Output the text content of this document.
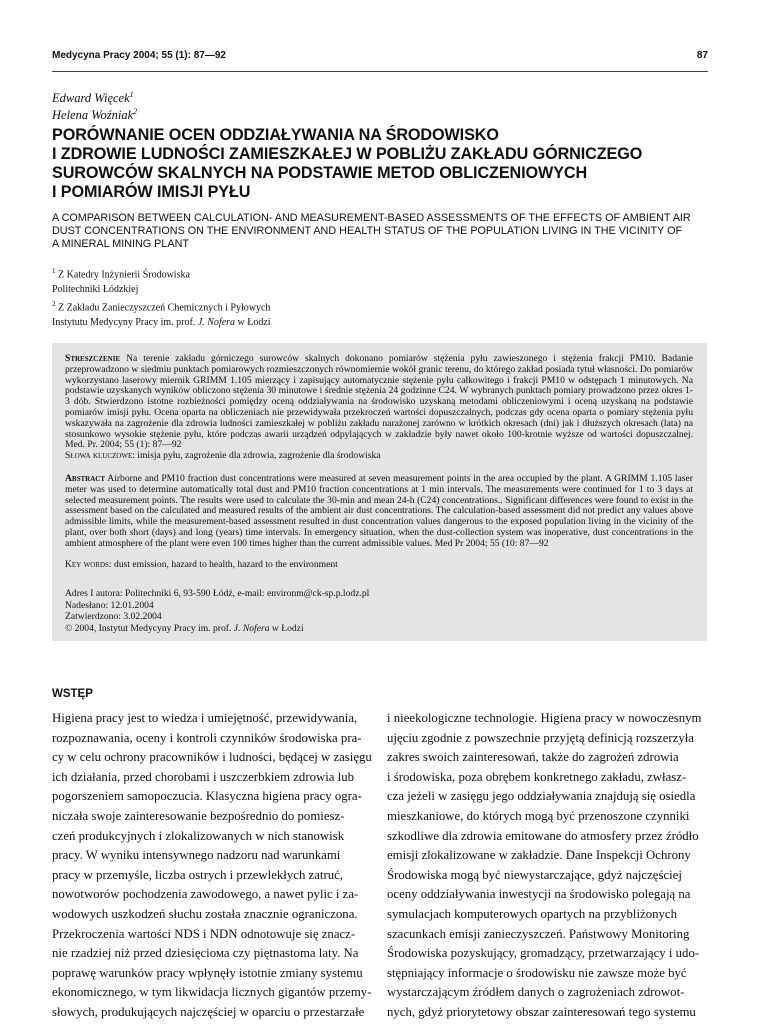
Medycyna Pracy 2004; 55 (1): 87—92	87
Edward Więcek$^1$
Helena Woźniak$^2$
PORÓWNANIE OCEN ODDZIAŁYWANIA NA ŚRODOWISKO
I ZDROWIE LUDNOŚCI ZAMIESZKAŁEJ W POBLIŻU ZAKŁADU GÓRNICZEGO
SUROWCÓW SKALNYCH NA PODSTAWIE METOD OBLICZENIOWYCH
I POMIARÓW IMISJI PYŁU
A COMPARISON BETWEEN CALCULATION- AND MEASUREMENT-BASED ASSESSMENTS OF THE EFFECTS OF AMBIENT AIR
DUST CONCENTRATIONS ON THE ENVIRONMENT AND HEALTH STATUS OF THE POPULATION LIVING IN THE VICINITY OF
A MINERAL MINING PLANT
$^1$ Z Katedry Inżynierii Środowiska
Politechniki Łódzkiej
$^2$ Z Zakładu Zanieczyszczeń Chemicznych i Pyłowych
Instytutu Medycyny Pracy im. prof. J. Nofera w Łodzi
Streszczenie Na terenie zakładu górniczego surowców skalnych dokonano pomiarów stężenia pyłu zawieszonego i stężenia frakcji PM10. Badanie przeprowadzono w siedmiu punktach pomiarowych rozmieszczonych równomiernie wokół granic terenu, do którego zakład posiada tytuł własności. Do pomiarów wykorzystano laserowy miernik GRIMM 1.105 mierzący i zapisujący automatycznie stężenie pyłu całkowitego i frakcji PM10 w odstępach 1 minutowych. Na podstawie uzyskanych wyników obliczono stężenia 30 minutowe i średnie stężenia 24 godzinne C24. W wybranych punktach pomiary prowadzono przez okres 1-3 dób. Stwierdzono istotne rozbieżności pomiędzy oceną oddziaływania na środowisko uzyskaną metodami obliczeniowymi i oceną uzyskaną na podstawie pomiarów imisji pyłu. Ocena oparta na obliczeniach nie przewidywała przekroczeń wartości dopuszczalnych, podczas gdy ocena oparta o pomiary stężenia pyłu wskazywała na zagrożenie dla zdrowia ludności zamieszkałej w pobliżu zakładu narażonej zarówno w krótkich okresach (dni) jak i dłuższych okresach (lata) na stosunkowo wysokie stężenie pyłu, które podczas awarii urządzeń odpylających w zakładzie były nawet około 100-krotnie wyższe od wartości dopuszczalnej. Med. Pr. 2004; 55 (1): 87—92
Słowa kluczowe: imisja pyłu, zagrożenie dla zdrowia, zagrożenie dla środowiska
Abstract Airborne and PM10 fraction dust concentrations were measured at seven measurement points in the area occupied by the plant. A GRIMM 1.105 laser meter was used to determine automatically total dust and PM10 fraction concentrations at 1 min intervals. The measurements were continued for 1 to 3 days at selected measurement points. The results were used to calculate the 30-min and mean 24-h (C24) concentrations.. Significant differences were found to exist in the assessment based on the calculated and measured results of the ambient air dust concentrations. The calculation-based assessment did not predict any values above admissible limits, while the measurement-based assessment resulted in dust concentration values dangerous to the exposed population living in the vicinity of the plant, over both short (days) and long (years) time intervals. In emergency situation, when the dust-collection system was inoperative, dust concentrations in the ambient atmosphere of the plant were even 100 times higher than the current admissible values. Med Pr 2004; 55 (10: 87—92
Key words: dust emission, hazard to health, hazard to the environment
Adres I autora: Politechniki 6, 93-590 Łódź, e-mail: environm@ck-sp.p.lodz.pl
Nadesłano: 12.01.2004
Zatwierdzono: 3.02.2004
© 2004, Instytut Medycyny Pracy im. prof. J. Nofera w Łodzi
WSTĘP
Higiena pracy jest to wiedza i umiejętność, przewidywania,
rozpoznawania, oceny i kontroli czynników środowiska pra-
cy w celu ochrony pracowników i ludności, będącej w zasięgu
ich działania, przed chorobami i uszczerbkiem zdrowia lub
pogorszeniem samopoczucia. Klasyczna higiena pracy ogra-
niczała swoje zainteresowanie bezpośrednio do pomiesz-
czeń produkcyjnych i zlokalizowanych w nich stanowisk
pracy. W wyniku intensywnego nadzoru nad warunkami
pracy w przemyśle, liczba ostrych i przewlekłych zatruć,
nowotworów pochodzenia zawodowego, a nawet pylic i za-
wodowych uszkodzeń słuchu została znacznie ograniczona.
Przekroczenia wartości NDS i NDN odnotowuje się znacz-
nie rzadziej niż przed dziesięciома czy piętnastoma laty. Na
poprawę warunków pracy wpłynęły istotnie zmiany systemu
ekonomicznego, w tym likwidacja licznych gigantów przemy-
słowych, produkujących najczęściej w oparciu o przestarzałe
i nieekologiczne technologie. Higiena pracy w nowoczesnym
ujęciu zgodnie z powszechnie przyjętą definicją rozszerzyła
zakres swoich zainteresowań, także do zagrożeń zdrowia
i środowiska, poza obrębem konkretnego zakładu, zwłasz-
cza jeżeli w zasięgu jego oddziaływania znajdują się osiedla
mieszkaniowe, do których mogą być przenoszone czynniki
szkodliwe dla zdrowia emitowane do atmosfery przez źródło
emisji zlokalizowane w zakładzie. Dane Inspekcji Ochrony
Środowiska mogą być niewystarczające, gdyż najczęściej
oceny oddziaływania inwestycji na środowisko polegają na
symulacjach komputerowych opartych na przybliżonych
szacunkach emisji zanieczyszczeń. Państwowy Monitoring
Środowiska pozyskujący, gromadzący, przetwarzający i udo-
stępniający informacje o środowisku nie zawsze może być
wystarczającym źródłem danych o zagrożeniach zdrowot-
nych, gdyż priorytetowy obszar zainteresowań tego systemu
